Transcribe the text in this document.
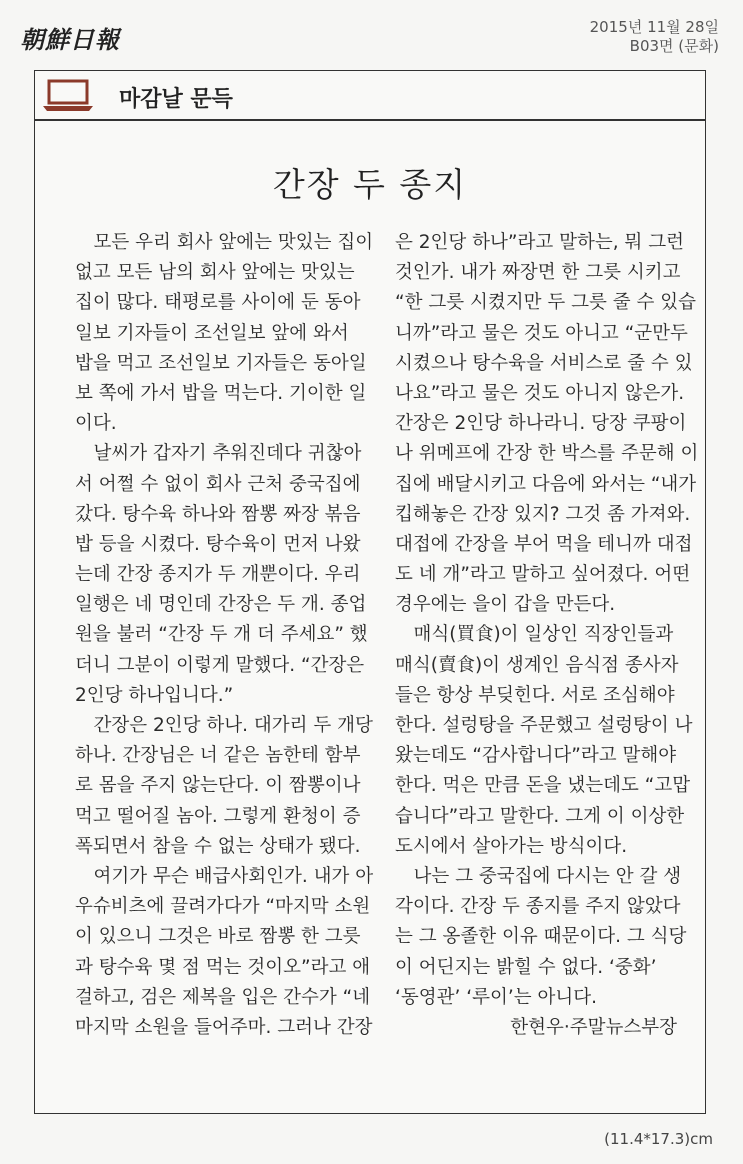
朝鮮日報	2015년 11월 28일
B03면 (문화)
마감날 문득
간장 두 종지
　모든 우리 회사 앞에는 맛있는 집이
없고 모든 남의 회사 앞에는 맛있는
집이 많다. 태평로를 사이에 둔 동아
일보 기자들이 조선일보 앞에 와서
밥을 먹고 조선일보 기자들은 동아일
보 쪽에 가서 밥을 먹는다. 기이한 일
이다.
　날씨가 갑자기 추워진데다 귀찮아
서 어쩔 수 없이 회사 근처 중국집에
갔다. 탕수육 하나와 짬뽕 짜장 볶음
밥 등을 시켰다. 탕수육이 먼저 나왔
는데 간장 종지가 두 개뿐이다. 우리
일행은 네 명인데 간장은 두 개. 종업
원을 불러 “간장 두 개 더 주세요” 했
더니 그분이 이렇게 말했다. “간장은
2인당 하나입니다.”
　간장은 2인당 하나. 대가리 두 개당
하나. 간장님은 너 같은 놈한테 함부
로 몸을 주지 않는단다. 이 짬뽕이나
먹고 떨어질 놈아. 그렇게 환청이 증
폭되면서 참을 수 없는 상태가 됐다.
　여기가 무슨 배급사회인가. 내가 아
우슈비츠에 끌려가다가 “마지막 소원
이 있으니 그것은 바로 짬뽕 한 그릇
과 탕수육 몇 점 먹는 것이오”라고 애
걸하고, 검은 제복을 입은 간수가 “네
마지막 소원을 들어주마. 그러나 간장
은 2인당 하나”라고 말하는, 뭐 그런
것인가. 내가 짜장면 한 그릇 시키고
“한 그릇 시켰지만 두 그릇 줄 수 있습
니까”라고 물은 것도 아니고 “군만두
시켰으나 탕수육을 서비스로 줄 수 있
나요”라고 물은 것도 아니지 않은가.
간장은 2인당 하나라니. 당장 쿠팡이
나 위메프에 간장 한 박스를 주문해 이
집에 배달시키고 다음에 와서는 “내가
킵해놓은 간장 있지? 그것 좀 가져와.
대접에 간장을 부어 먹을 테니까 대접
도 네 개”라고 말하고 싶어졌다. 어떤
경우에는 을이 갑을 만든다.
　매식(買食)이 일상인 직장인들과
매식(賣食)이 생계인 음식점 종사자
들은 항상 부딪힌다. 서로 조심해야
한다. 설렁탕을 주문했고 설렁탕이 나
왔는데도 “감사합니다”라고 말해야
한다. 먹은 만큼 돈을 냈는데도 “고맙
습니다”라고 말한다. 그게 이 이상한
도시에서 살아가는 방식이다.
　나는 그 중국집에 다시는 안 갈 생
각이다. 간장 두 종지를 주지 않았다
는 그 옹졸한 이유 때문이다. 그 식당
이 어딘지는 밝힐 수 없다. ‘중화’
‘동영관’ ‘루이’는 아니다.
한현우·주말뉴스부장
(11.4*17.3)cm
